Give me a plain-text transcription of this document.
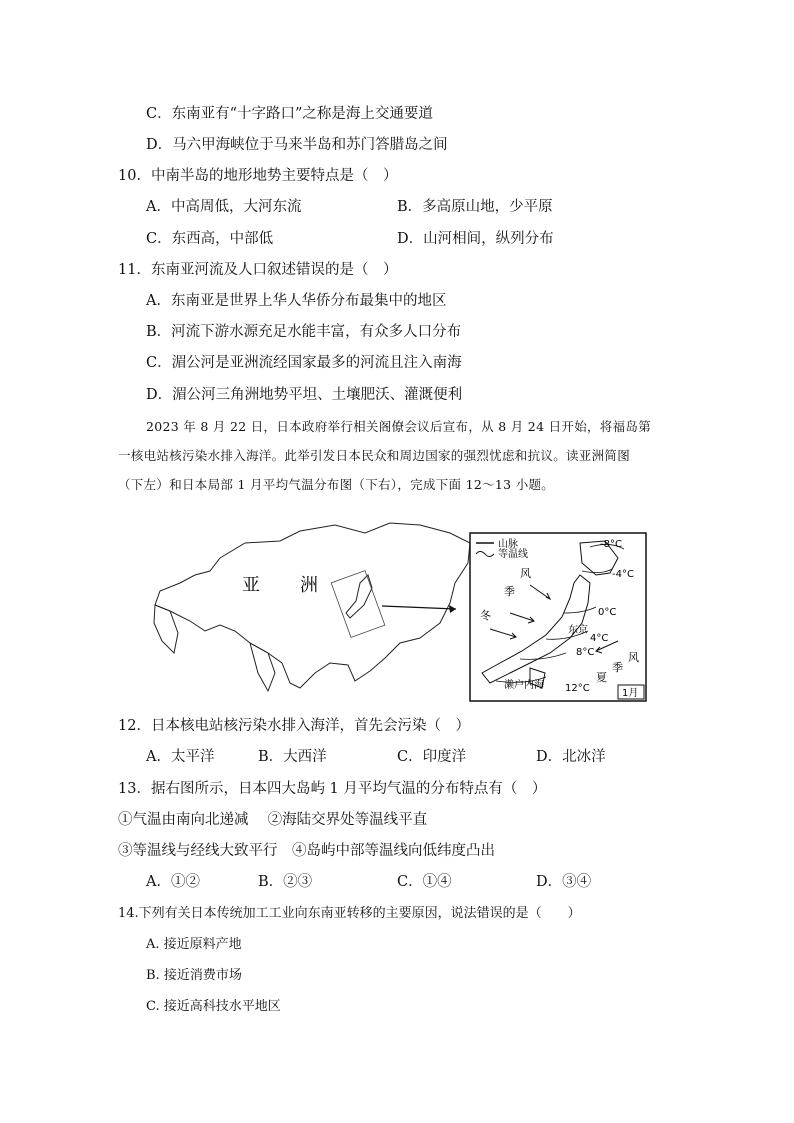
C．东南亚有“十字路口”之称是海上交通要道
D．马六甲海峡位于马来半岛和苏门答腊岛之间
10．中南半岛的地形地势主要特点是（　）
A．中高周低，大河东流	B．多高原山地，少平原
C．东西高，中部低	D．山河相间，纵列分布
11．东南亚河流及人口叙述错误的是（　）
A．东南亚是世界上华人华侨分布最集中的地区
B．河流下游水源充足水能丰富，有众多人口分布
C．湄公河是亚洲流经国家最多的河流且注入南海
D．湄公河三角洲地势平坦、土壤肥沃、灌溉便利
2023 年 8 月 22 日，日本政府举行相关阁僚会议后宣布，从 8 月 24 日开始，将福岛第
一核电站核污染水排入海洋。此举引发日本民众和周边国家的强烈忧虑和抗议。读亚洲简图
（下左）和日本局部 1 月平均气温分布图（下右），完成下面 12～13 小题。
亚 洲
山脉
等温线
-8°C
-4°C
0°C
4°C
8°C
12°C
风
季
冬
东京
风
季
夏
濑户内海
1月
12．日本核电站核污染水排入海洋，首先会污染（　）
A．太平洋	B．大西洋	C．印度洋	D．北冰洋
13．据右图所示，日本四大岛屿 1 月平均气温的分布特点有（　）
①气温由南向北递减　 ②海陆交界处等温线平直
③等温线与经线大致平行　④岛屿中部等温线向低纬度凸出
A．①②	B．②③	C．①④	D．③④
14.下列有关日本传统加工工业向东南亚转移的主要原因，说法错误的是（　　）
A. 接近原料产地
B. 接近消费市场
C. 接近高科技水平地区
